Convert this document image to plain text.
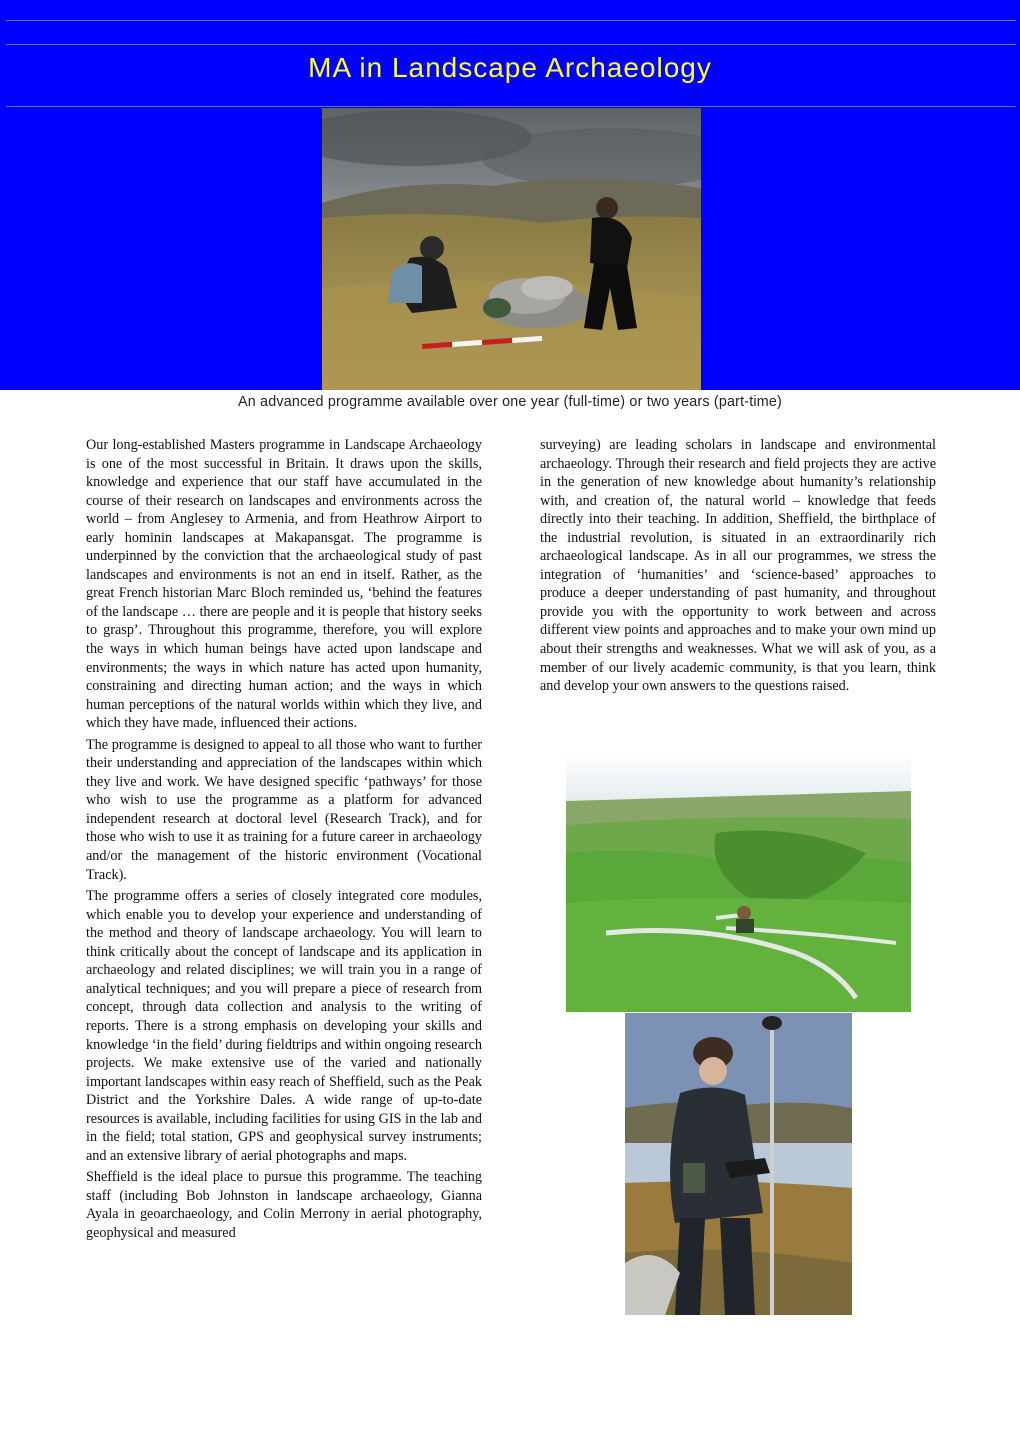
MA in Landscape Archaeology
An advanced programme available over one year (full-time) or two years (part-time)

Our long-established Masters programme in Landscape Archaeology is one of the most successful in Britain. It draws upon the skills, knowledge and experience that our staff have accumulated in the course of their research on landscapes and environments across the world – from Anglesey to Armenia, and from Heathrow Airport to early hominin landscapes at Makapansgat. The programme is underpinned by the conviction that the archaeological study of past landscapes and environments is not an end in itself. Rather, as the great French historian Marc Bloch reminded us, ‘behind the features of the landscape … there are people and it is people that history seeks to grasp’. Throughout this programme, therefore, you will explore the ways in which human beings have acted upon landscape and environments; the ways in which nature has acted upon humanity, constraining and directing human action; and the ways in which human perceptions of the natural worlds within which they live, and which they have made, influenced their actions.

The programme is designed to appeal to all those who want to further their understanding and appreciation of the landscapes within which they live and work. We have designed specific ‘pathways’ for those who wish to use the programme as a platform for advanced independent research at doctoral level (Research Track), and for those who wish to use it as training for a future career in archaeology and/or the management of the historic environment (Vocational Track).

The programme offers a series of closely integrated core modules, which enable you to develop your experience and understanding of the method and theory of landscape archaeology. You will learn to think critically about the concept of landscape and its application in archaeology and related disciplines; we will train you in a range of analytical techniques; and you will prepare a piece of research from concept, through data collection and analysis to the writing of reports. There is a strong emphasis on developing your skills and knowledge ‘in the field’ during fieldtrips and within ongoing research projects. We make extensive use of the varied and nationally important landscapes within easy reach of Sheffield, such as the Peak District and the Yorkshire Dales. A wide range of up-to-date resources is available, including facilities for using GIS in the lab and in the field; total station, GPS and geophysical survey instruments; and an extensive library of aerial photographs and maps.

Sheffield is the ideal place to pursue this programme. The teaching staff (including Bob Johnston in landscape archaeology, Gianna Ayala in geoarchaeology, and Colin Merrony in aerial photography, geophysical and measured

surveying) are leading scholars in landscape and environmental archaeology. Through their research and field projects they are active in the generation of new knowledge about humanity’s relationship with, and creation of, the natural world – knowledge that feeds directly into their teaching. In addition, Sheffield, the birthplace of the industrial revolution, is situated in an extraordinarily rich archaeological landscape. As in all our programmes, we stress the integration of ‘humanities’ and ‘science-based’ approaches to produce a deeper understanding of past humanity, and throughout provide you with the opportunity to work between and across different view points and approaches and to make your own mind up about their strengths and weaknesses. What we will ask of you, as a member of our lively academic community, is that you learn, think and develop your own answers to the questions raised.
